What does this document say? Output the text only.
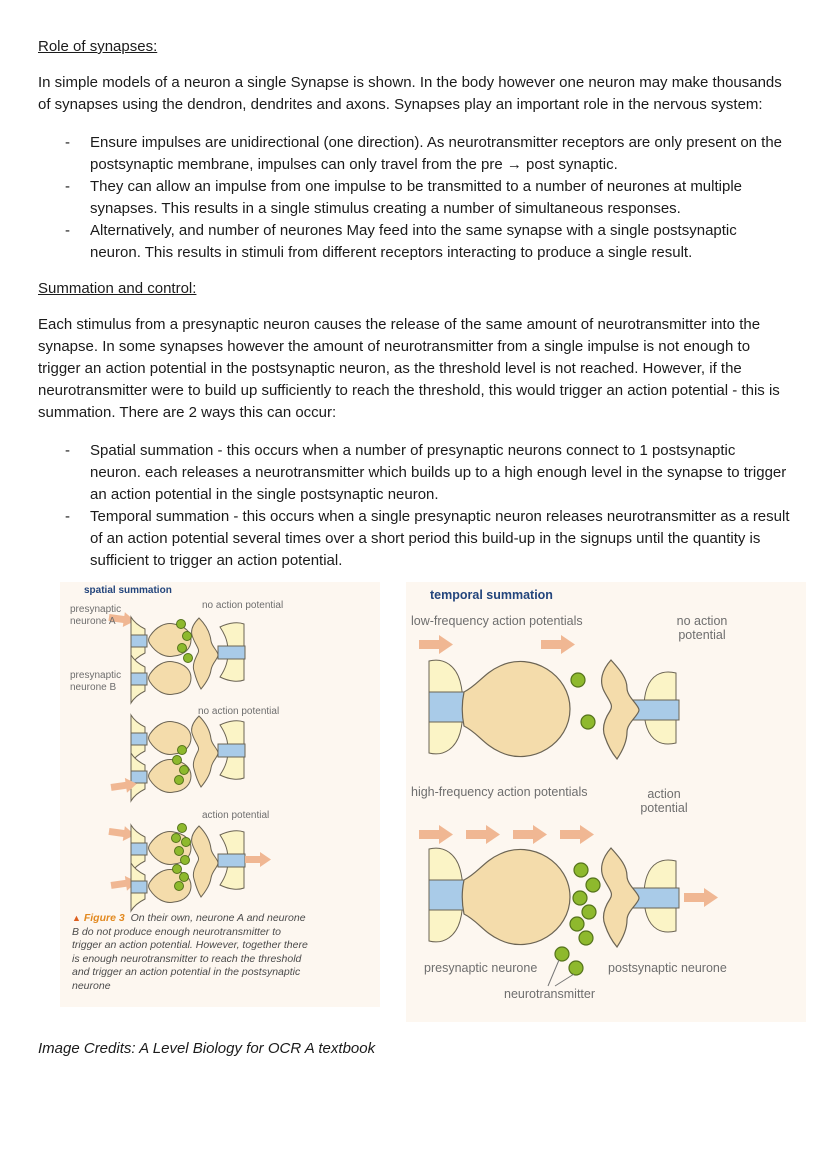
Role of synapses:

In simple models of a neuron a single Synapse is shown. In the body however one neuron may make thousands of synapses using the dendron, dendrites and axons. Synapses play an important role in the nervous system:

- Ensure impulses are unidirectional (one direction). As neurotransmitter receptors are only present on the postsynaptic membrane, impulses can only travel from the pre → post synaptic.
- They can allow an impulse from one impulse to be transmitted to a number of neurones at multiple synapses. This results in a single stimulus creating a number of simultaneous responses.
- Alternatively, and number of neurones May feed into the same synapse with a single postsynaptic neuron. This results in stimuli from different receptors interacting to produce a single result.
Summation and control:

Each stimulus from a presynaptic neuron causes the release of the same amount of neurotransmitter into the synapse. In some synapses however the amount of neurotransmitter from a single impulse is not enough to trigger an action potential in the postsynaptic neuron, as the threshold level is not reached. However, if the neurotransmitter were to build up sufficiently to reach the threshold, this would trigger an action potential - this is summation. There are 2 ways this can occur:

- Spatial summation - this occurs when a number of presynaptic neurons connect to 1 postsynaptic neuron. each releases a neurotransmitter which builds up to a high enough level in the synapse to trigger an action potential in the single postsynaptic neuron.
- Temporal summation - this occurs when a single presynaptic neuron releases neurotransmitter as a result of an action potential several times over a short period this build-up in the signups until the quantity is sufficient to trigger an action potential.
spatial summation
presynaptic neurone A
no action potential
presynaptic neurone B
no action potential
action potential
▲ Figure 3 On their own, neurone A and neurone B do not produce enough neurotransmitter to trigger an action potential. However, together there is enough neurotransmitter to reach the threshold and trigger an action potential in the postsynaptic neurone
temporal summation
low-frequency action potentials	no action potential
high-frequency action potentials	action potential
presynaptic neurone	postsynaptic neurone
neurotransmitter

Image Credits: A Level Biology for OCR A textbook
